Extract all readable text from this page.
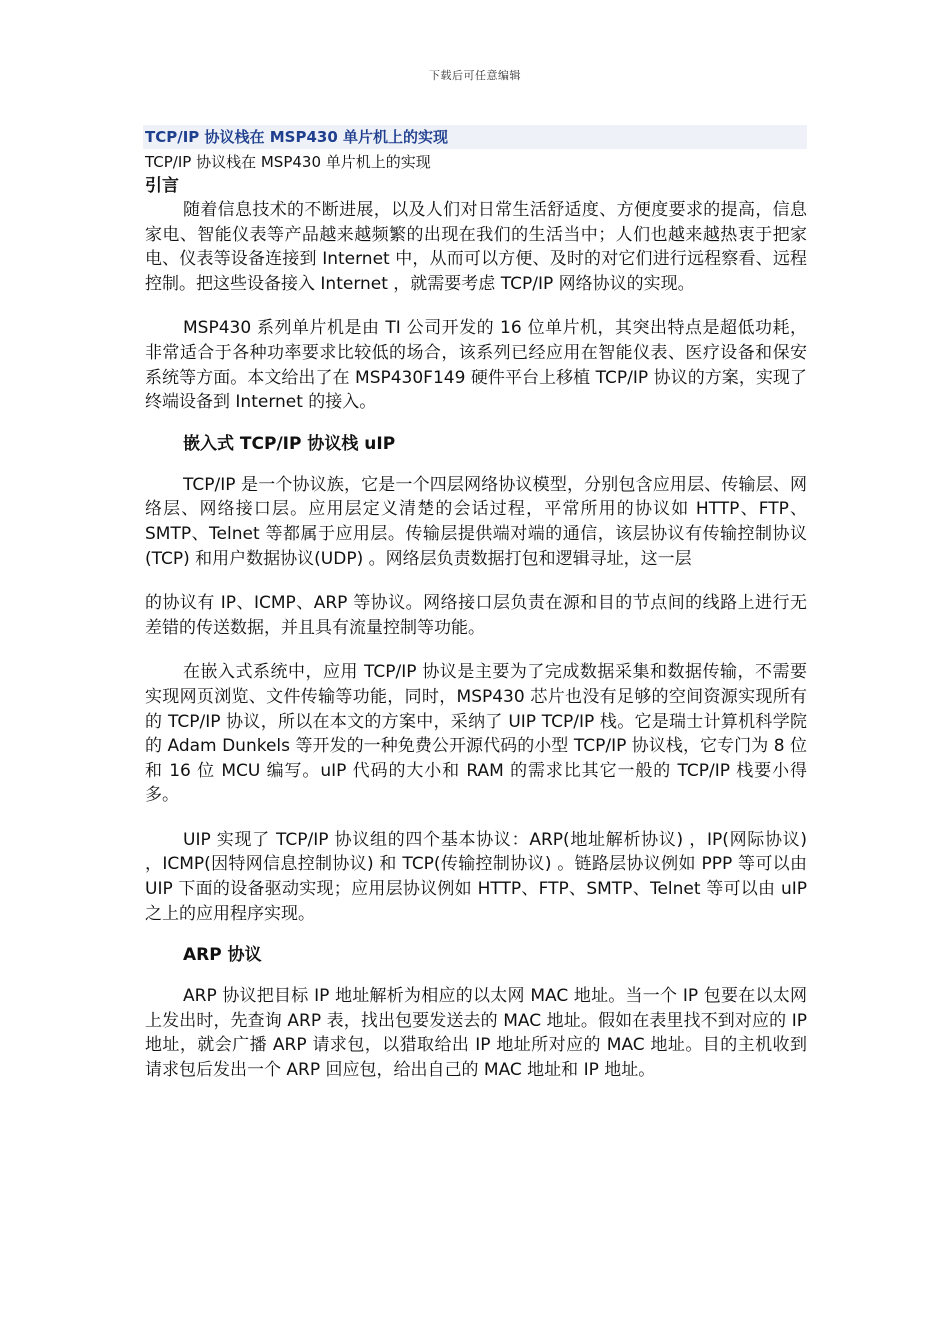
下载后可任意编辑
TCP/IP 协议栈在 MSP430 单片机上的实现
TCP/IP 协议栈在 MSP430 单片机上的实现
引言

随着信息技术的不断进展，以及人们对日常生活舒适度、方便度要求的提高，信息家电、智能仪表等产品越来越频繁的出现在我们的生活当中；人们也越来越热衷于把家电、仪表等设备连接到 Internet 中，从而可以方便、及时的对它们进行远程察看、远程控制。把这些设备接入 Internet ，就需要考虑 TCP/IP 网络协议的实现。

MSP430 系列单片机是由 TI 公司开发的 16 位单片机，其突出特点是超低功耗，非常适合于各种功率要求比较低的场合，该系列已经应用在智能仪表、医疗设备和保安系统等方面。本文给出了在 MSP430F149 硬件平台上移植 TCP/IP 协议的方案，实现了终端设备到 Internet 的接入。

嵌入式 TCP/IP 协议栈 uIP

TCP/IP 是一个协议族，它是一个四层网络协议模型，分别包含应用层、传输层、网络层、网络接口层。应用层定义清楚的会话过程，平常所用的协议如 HTTP、FTP、SMTP、Telnet 等都属于应用层。传输层提供端对端的通信，该层协议有传输控制协议(TCP) 和用户数据协议(UDP) 。网络层负责数据打包和逻辑寻址，这一层

的协议有 IP、ICMP、ARP 等协议。网络接口层负责在源和目的节点间的线路上进行无差错的传送数据，并且具有流量控制等功能。

在嵌入式系统中，应用 TCP/IP 协议是主要为了完成数据采集和数据传输，不需要实现网页浏览、文件传输等功能，同时，MSP430 芯片也没有足够的空间资源实现所有的 TCP/IP 协议，所以在本文的方案中，采纳了 UIP TCP/IP 栈。它是瑞士计算机科学院的 Adam Dunkels 等开发的一种免费公开源代码的小型 TCP/IP 协议栈，它专门为 8 位和 16 位 MCU 编写。uIP 代码的大小和 RAM 的需求比其它一般的 TCP/IP 栈要小得多。

UIP 实现了 TCP/IP 协议组的四个基本协议：ARP(地址解析协议) ，IP(网际协议) ，ICMP(因特网信息控制协议) 和 TCP(传输控制协议) 。链路层协议例如 PPP 等可以由 UIP 下面的设备驱动实现；应用层协议例如 HTTP、FTP、SMTP、Telnet 等可以由 uIP 之上的应用程序实现。

ARP 协议

ARP 协议把目标 IP 地址解析为相应的以太网 MAC 地址。当一个 IP 包要在以太网上发出时，先查询 ARP 表，找出包要发送去的 MAC 地址。假如在表里找不到对应的 IP 地址，就会广播 ARP 请求包，以猎取给出 IP 地址所对应的 MAC 地址。目的主机收到请求包后发出一个 ARP 回应包，给出自己的 MAC 地址和 IP 地址。
